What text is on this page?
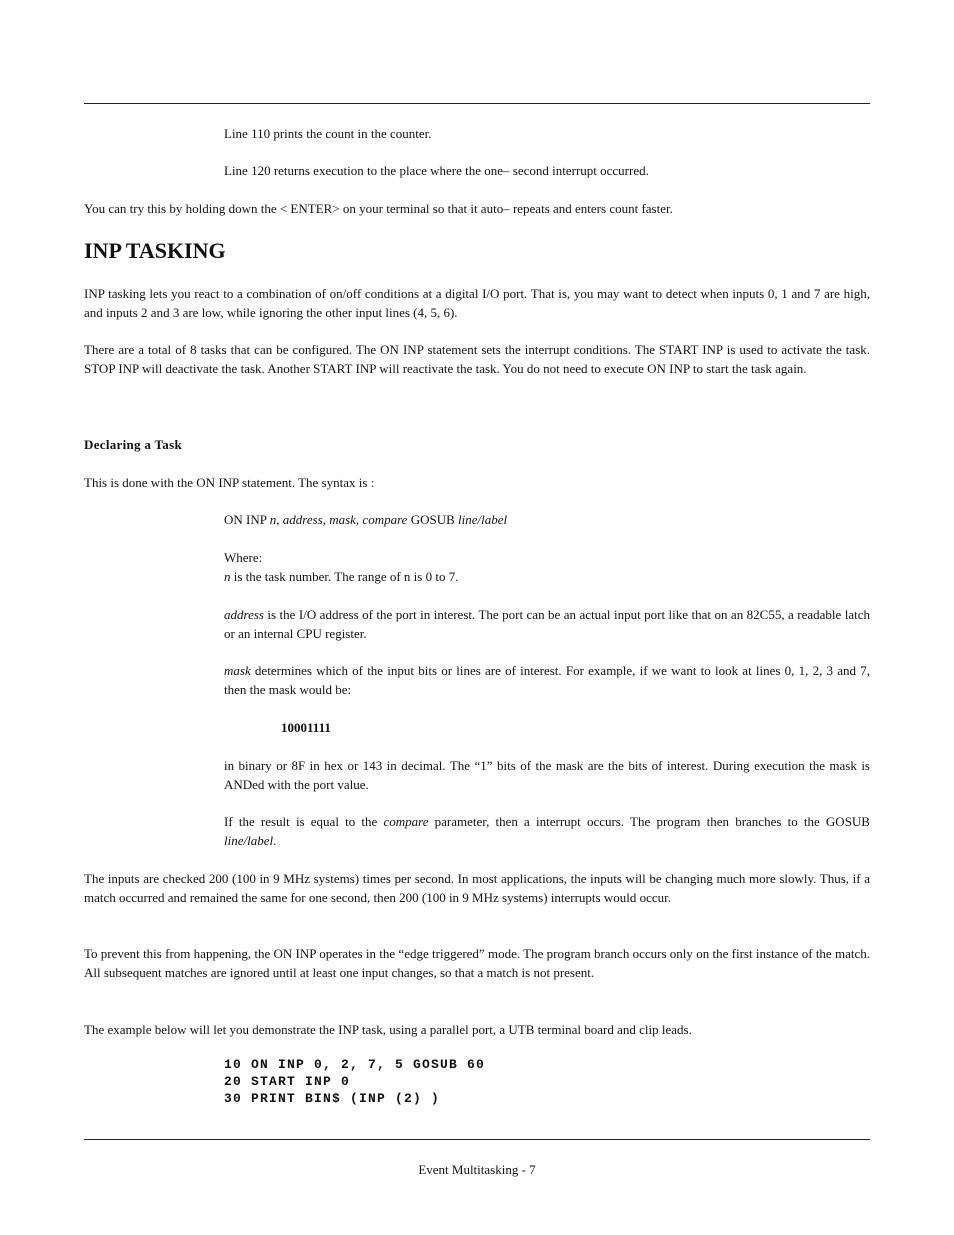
Line 110 prints the count in the counter.
Line 120 returns execution to the place where the one– second interrupt occurred.
You can try this by holding down the < ENTER> on your terminal so that it auto– repeats and enters count faster.
INP TASKING
INP tasking lets you react to a combination of on/off conditions at a digital I/O port. That is, you may want to detect when inputs 0, 1 and 7 are high, and inputs 2 and 3 are low, while ignoring the other input lines (4, 5, 6).
There are a total of 8 tasks that can be configured. The ON INP statement sets the interrupt conditions. The START INP is used to activate the task. STOP INP will deactivate the task. Another START INP will reactivate the task. You do not need to execute ON INP to start the task again.
Declaring a Task
This is done with the ON INP statement. The syntax is :
ON INP n, address, mask, compare GOSUB line/label
Where:
n is the task number. The range of n is 0 to 7.
address is the I/O address of the port in interest. The port can be an actual input port like that on an 82C55, a readable latch or an internal CPU register.
mask determines which of the input bits or lines are of interest. For example, if we want to look at lines 0, 1, 2, 3 and 7, then the mask would be:
10001111
in binary or 8F in hex or 143 in decimal. The “1” bits of the mask are the bits of interest. During execution the mask is ANDed with the port value.
If the result is equal to the compare parameter, then a interrupt occurs. The program then branches to the GOSUB line/label.
The inputs are checked 200 (100 in 9 MHz systems) times per second. In most applications, the inputs will be changing much more slowly. Thus, if a match occurred and remained the same for one second, then 200 (100 in 9 MHz systems) interrupts would occur.
To prevent this from happening, the ON INP operates in the “edge triggered” mode. The program branch occurs only on the first instance of the match. All subsequent matches are ignored until at least one input changes, so that a match is not present.
The example below will let you demonstrate the INP task, using a parallel port, a UTB terminal board and clip leads.
10 ON INP 0, 2, 7, 5 GOSUB 60
20 START INP 0
30 PRINT BIN$ (INP (2) )
Event Multitasking - 7
